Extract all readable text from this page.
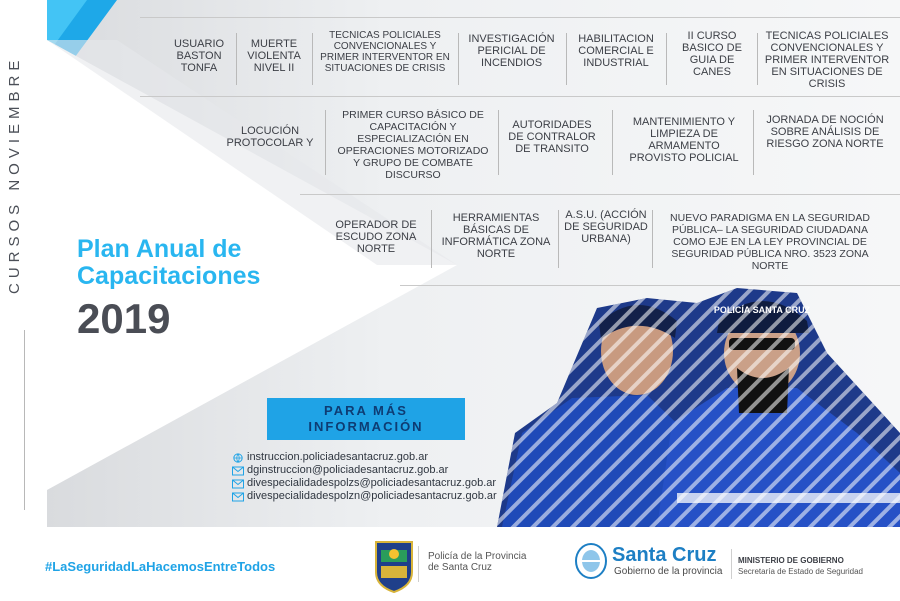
CURSOS NOVIEMBRE
USUARIO BASTON TONFA
MUERTE VIOLENTA NIVEL II
TECNICAS POLICIALES CONVENCIONALES Y PRIMER INTERVENTOR EN SITUACIONES DE CRISIS
INVESTIGACIÓN PERICIAL DE INCENDIOS
HABILITACION COMERCIAL E INDUSTRIAL
II CURSO BASICO DE GUIA DE CANES
TECNICAS POLICIALES CONVENCIONALES Y PRIMER INTERVENTOR EN SITUACIONES DE CRISIS
LOCUCIÓN PROTOCOLAR Y
PRIMER CURSO BÁSICO DE CAPACITACIÓN Y ESPECIALIZACIÓN EN OPERACIONES MOTORIZADO Y GRUPO DE COMBATE DISCURSO
AUTORIDADES DE CONTRALOR DE TRANSITO
MANTENIMIENTO Y LIMPIEZA DE ARMAMENTO PROVISTO POLICIAL
JORNADA DE NOCIÓN SOBRE ANÁLISIS DE RIESGO ZONA NORTE
OPERADOR DE ESCUDO ZONA NORTE
HERRAMIENTAS BÁSICAS DE INFORMÁTICA ZONA NORTE
A.S.U. (ACCIÓN DE SEGURIDAD URBANA)
NUEVO PARADIGMA EN LA SEGURIDAD PÚBLICA– LA SEGURIDAD CIUDADANA COMO EJE EN LA LEY PROVINCIAL DE SEGURIDAD PÚBLICA NRO. 3523 ZONA NORTE
Plan Anual de
Capacitaciones
2019
PARA MÁS INFORMACIÓN
instruccion.policiadesantacruz.gob.ar
dginstruccion@policiadesantacruz.gob.ar
divespecialidadespolzs@policiadesantacruz.gob.ar
divespecialidadespolzn@policiadesantacruz.gob.ar
POLICÍA SANTA CRUZ
#LaSeguridadLaHacemosEntreTodos
Policía de la Provincia
de Santa Cruz
Santa Cruz
Gobierno de la provincia
MINISTERIO DE GOBIERNO
Secretaría de Estado de Seguridad
